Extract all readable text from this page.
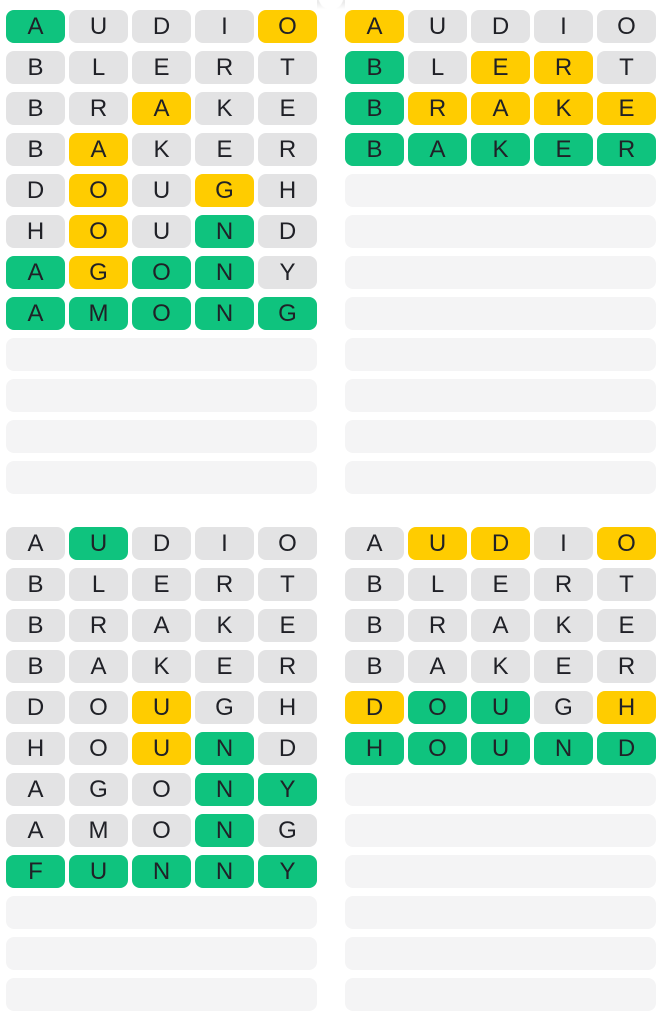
A	U	D	I	O
B	L	E	R	T
B	R	A	K	E
B	A	K	E	R
D	O	U	G	H
H	O	U	N	D
A	G	O	N	Y
A	M	O	N	G
A	U	D	I	O
B	L	E	R	T
B	R	A	K	E
B	A	K	E	R
A	U	D	I	O
B	L	E	R	T
B	R	A	K	E
B	A	K	E	R
D	O	U	G	H
H	O	U	N	D
A	G	O	N	Y
A	M	O	N	G
F	U	N	N	Y
A	U	D	I	O
B	L	E	R	T
B	R	A	K	E
B	A	K	E	R
D	O	U	G	H
H	O	U	N	D
